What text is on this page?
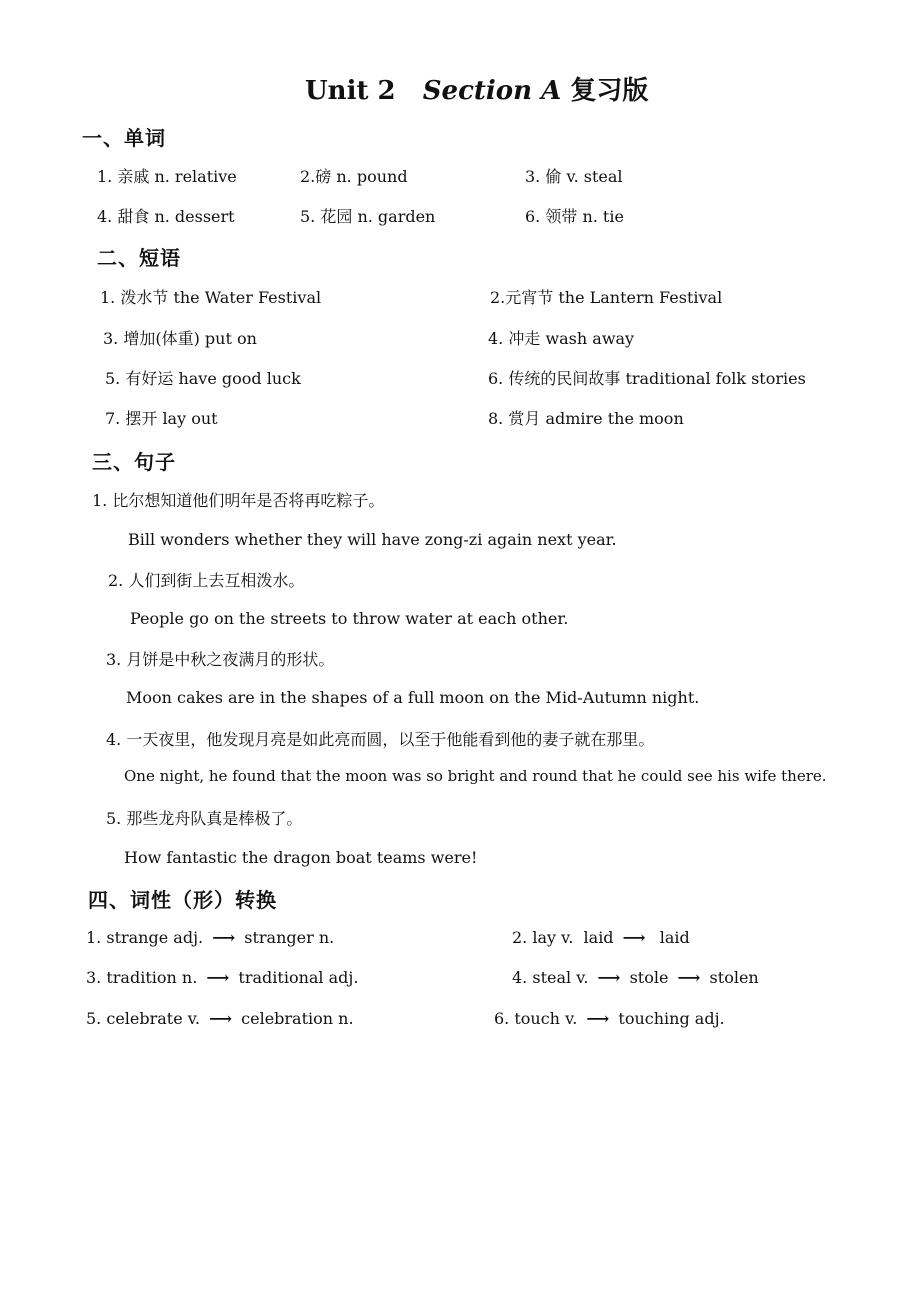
Unit 2 Section A 复习版
一、单词
1. 亲戚 n. relative	2.磅 n. pound	3. 偷 v. steal
4. 甜食 n. dessert	5. 花园 n. garden	6. 领带 n. tie
二、短语
1. 泼水节 the Water Festival	2.元宵节 the Lantern Festival
3. 增加(体重) put on	4. 冲走 wash away
5. 有好运 have good luck	6. 传统的民间故事 traditional folk stories
7. 摆开 lay out	8. 赏月 admire the moon
三、句子
1. 比尔想知道他们明年是否将再吃粽子。
Bill wonders whether they will have zong-zi again next year.
2. 人们到街上去互相泼水。
People go on the streets to throw water at each other.
3. 月饼是中秋之夜满月的形状。
Moon cakes are in the shapes of a full moon on the Mid-Autumn night.
4. 一天夜里，他发现月亮是如此亮而圆，以至于他能看到他的妻子就在那里。
One night, he found that the moon was so bright and round that he could see his wife there.
5. 那些龙舟队真是棒极了。
How fantastic the dragon boat teams were!
四、词性（形）转换
1. strange adj. ⟶ stranger n.	2. lay v. laid ⟶ laid
3. tradition n. ⟶ traditional adj.	4. steal v. ⟶ stole ⟶ stolen
5. celebrate v. ⟶ celebration n.	6. touch v. ⟶ touching adj.
